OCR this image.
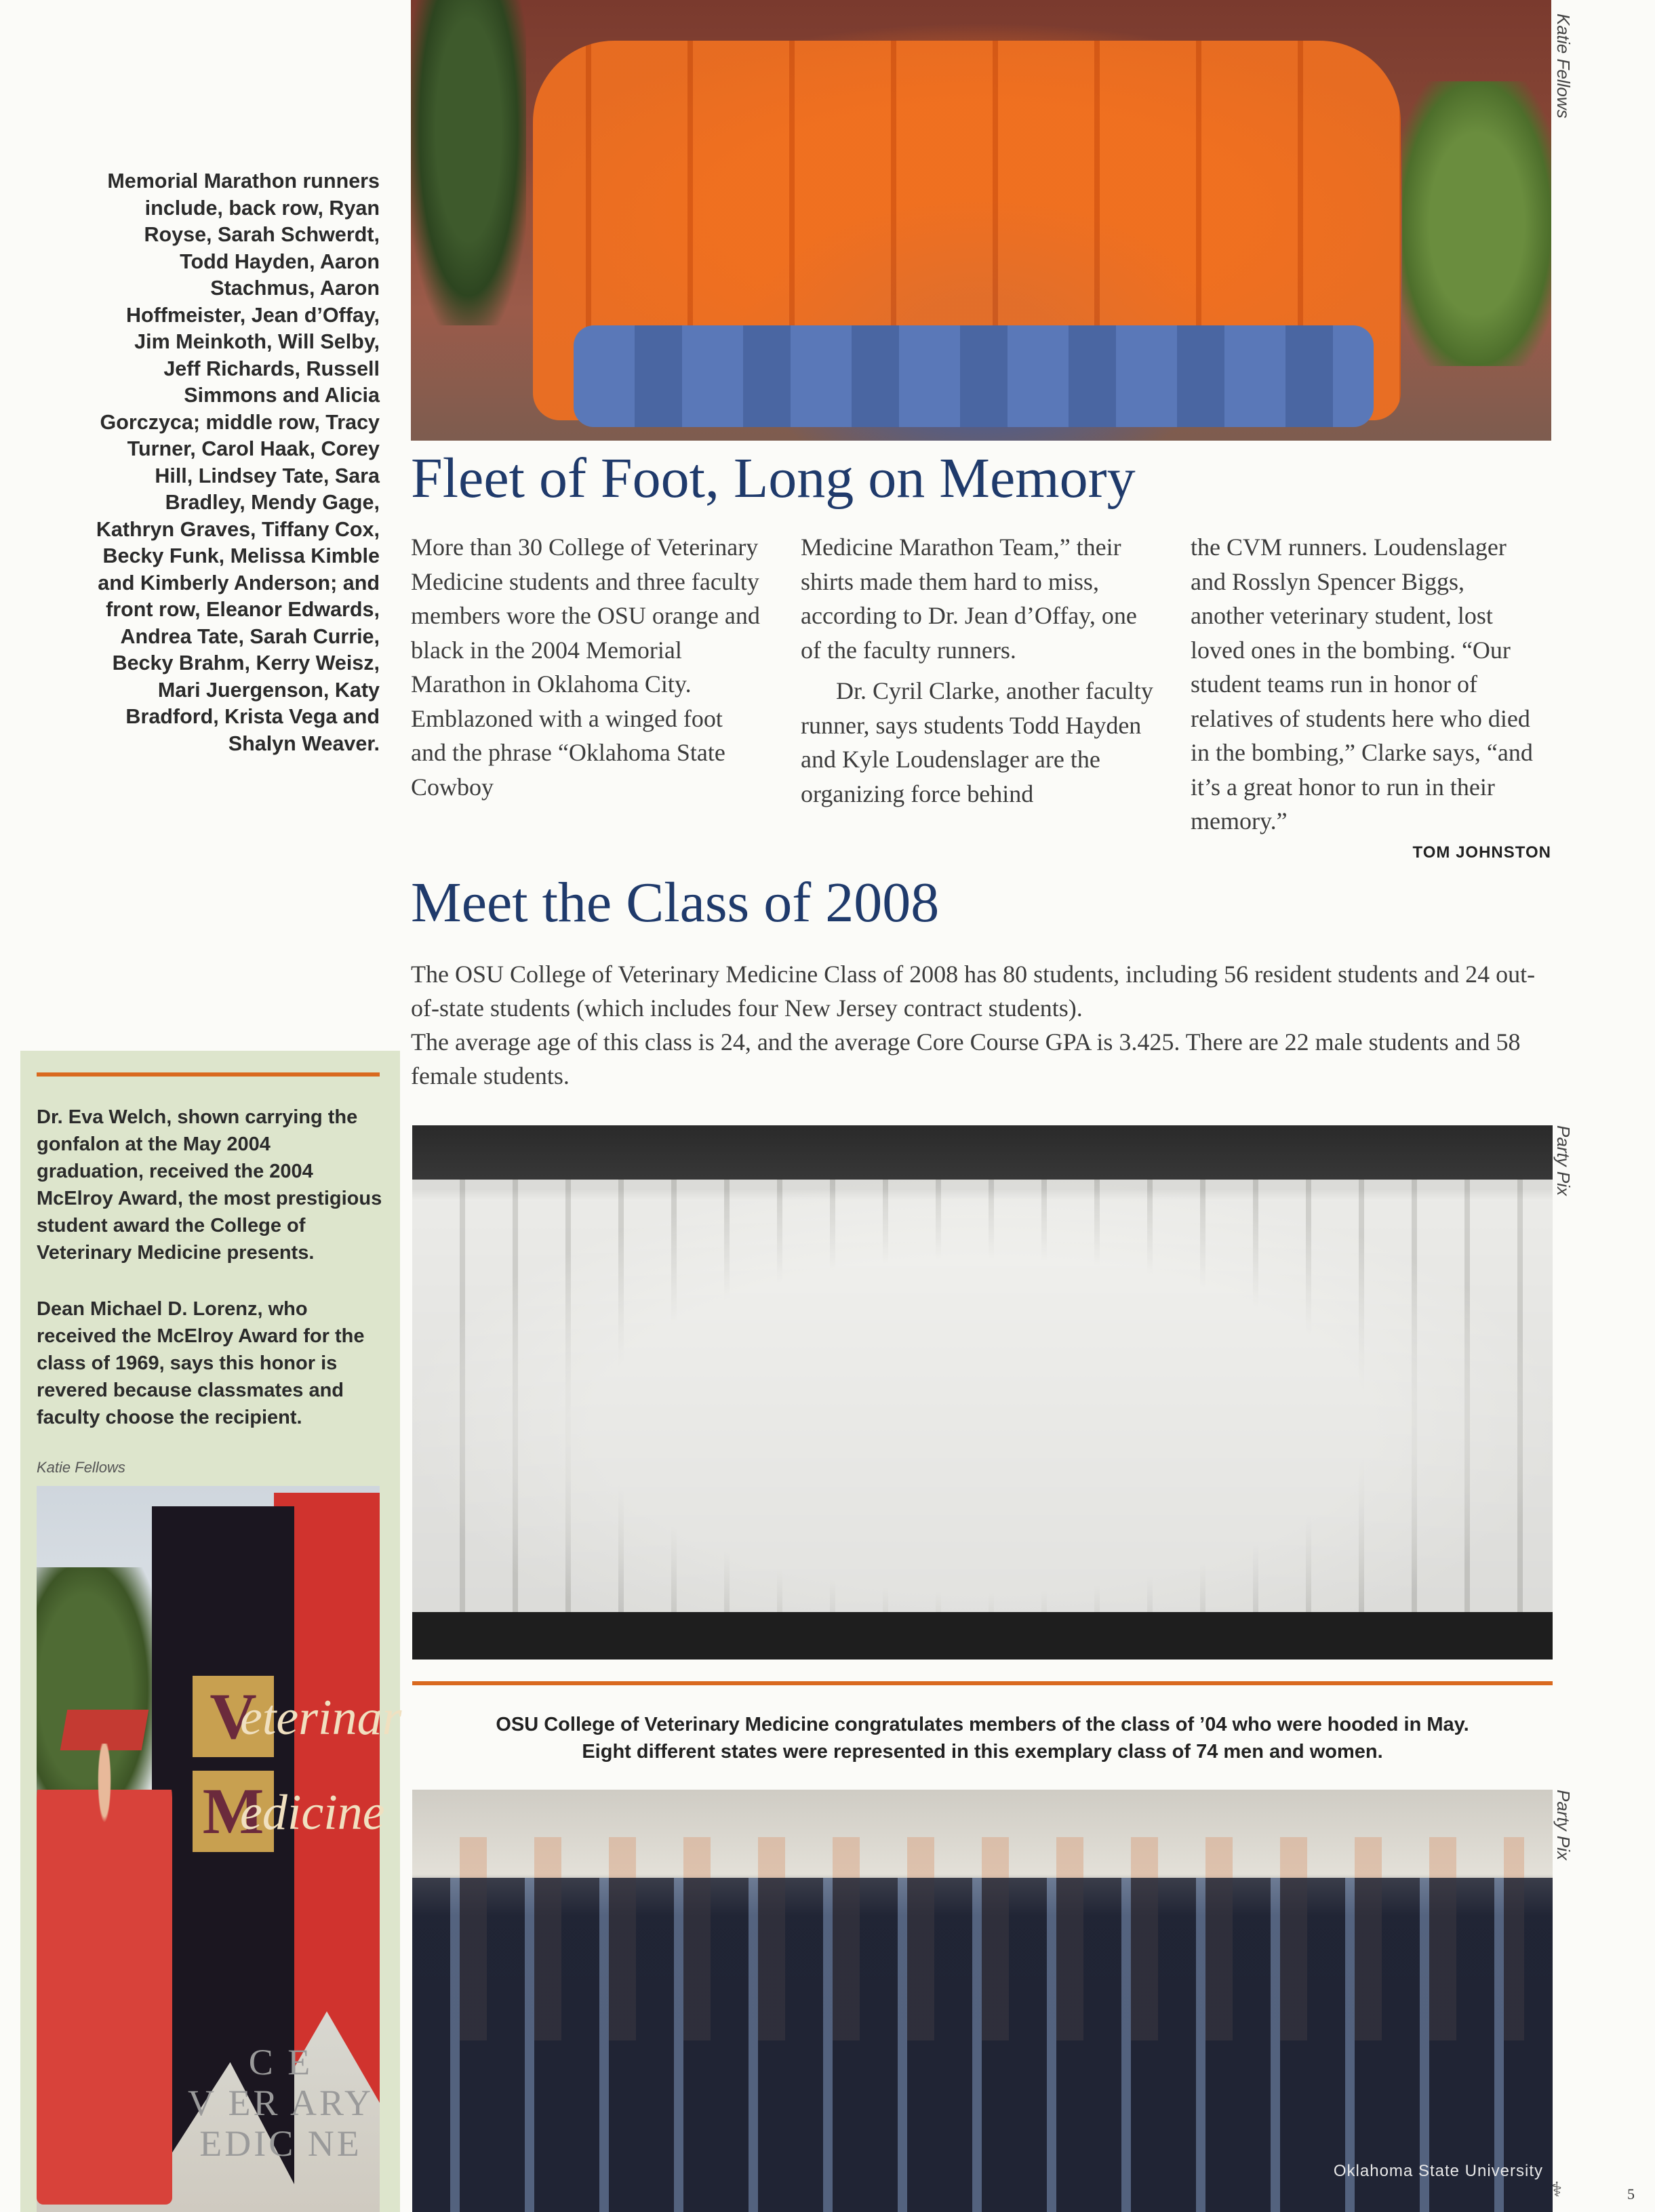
Memorial Marathon runners include, back row, Ryan Royse, Sarah Schwerdt, Todd Hayden, Aaron Stachmus, Aaron Hoffmeister, Jean d’Offay, Jim Meinkoth, Will Selby, Jeff Richards, Russell Simmons and Alicia Gorczyca; middle row, Tracy Turner, Carol Haak, Corey Hill, Lindsey Tate, Sara Bradley, Mendy Gage, Kathryn Graves, Tiffany Cox, Becky Funk, Melissa Kimble and Kimberly Anderson; and front row, Eleanor Edwards, Andrea Tate, Sarah Currie, Becky Brahm, Kerry Weisz, Mari Juergenson, Katy Bradford, Krista Vega and Shalyn Weaver.
Katie Fellows
Fleet of Foot, Long on Memory

More than 30 College of Veterinary Medicine students and three faculty members wore the OSU orange and black in the 2004 Memorial Marathon in Oklahoma City. Emblazoned with a winged foot and the phrase “Oklahoma State Cowboy

Medicine Marathon Team,” their shirts made them hard to miss, according to Dr. Jean d’Offay, one of the faculty runners.

Dr. Cyril Clarke, another faculty runner, says students Todd Hayden and Kyle Loudenslager are the organizing force behind

the CVM runners. Loudenslager and Rosslyn Spencer Biggs, another veterinary student, lost loved ones in the bombing. “Our student teams run in honor of relatives of students here who died in the bombing,” Clarke says, “and it’s a great honor to run in their memory.”

TOM JOHNSTON
Meet the Class of 2008

The OSU College of Veterinary Medicine Class of 2008 has 80 students, including 56 resident students and 24 out-of-state students (which includes four New Jersey contract students).

The average age of this class is 24, and the average Core Course GPA is 3.425. There are 22 male students and 58 female students.

Dr. Eva Welch, shown carrying the gonfalon at the May 2004 graduation, received the 2004 McElroy Award, the most prestigious student award the College of Veterinary Medicine presents.
Dean Michael D. Lorenz, who received the McElroy Award for the class of 1969, says this honor is revered because classmates and faculty choose the recipient.
Katie Fellows
V
M
eterinar
edicine
C E
V ER ARY
EDIC NE
Party Pix
OSU College of Veterinary Medicine congratulates members of the class of ’04 who were hooded in May.
Eight different states were represented in this exemplary class of 74 men and women.
Oklahoma State University
Party Pix
⚕	5
